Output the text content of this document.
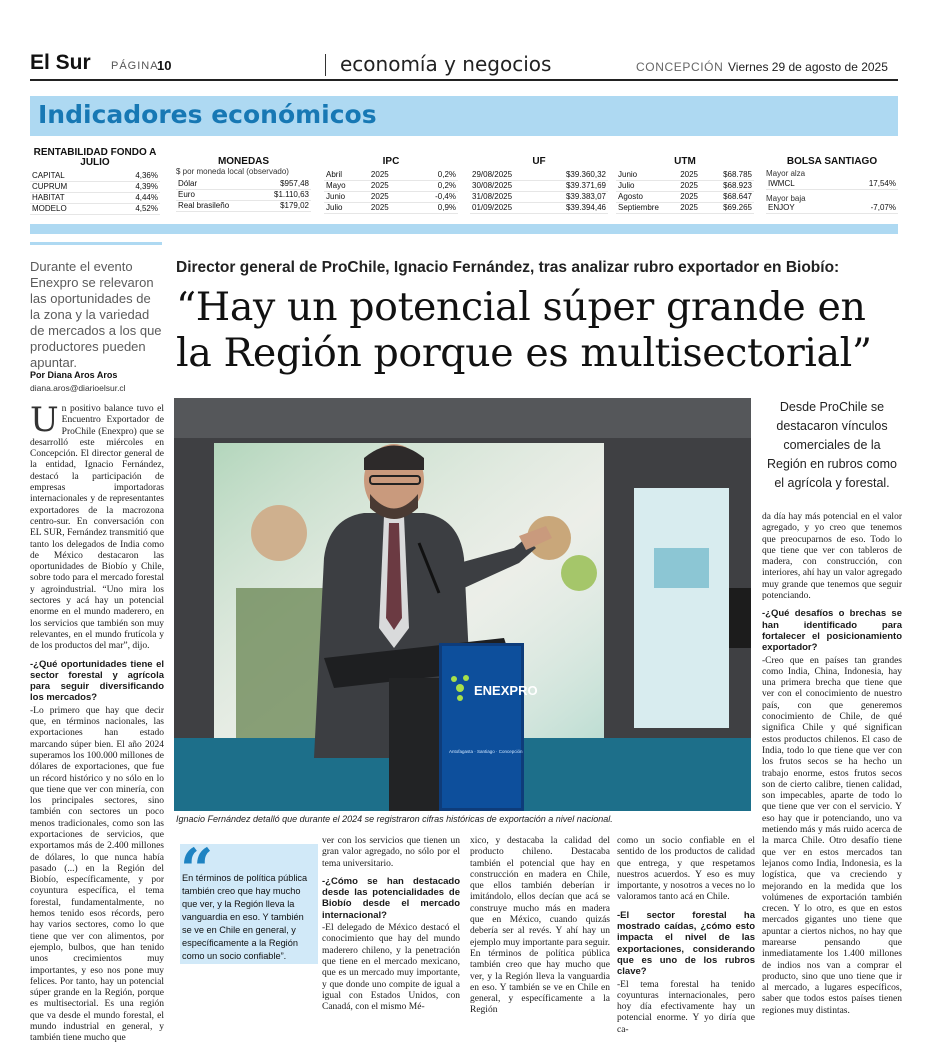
El Sur PÁGINA
10	economía y negocios	CONCEPCIÓN Viernes 29 de agosto de 2025
Indicadores económicos
RENTABILIDAD FONDO A JULIO
CAPITAL	4,36%
CUPRUM	4,39%
HABITAT	4,44%
MODELO	4,52%
MONEDAS
$ por moneda local (observado)
Dólar	$957,48
Euro	$1.110,63
Real brasileño	$179,02
IPC
Abril	2025	0,2%
Mayo	2025	0,2%
Junio	2025	-0,4%
Julio	2025	0,9%
UF
29/08/2025	$39.360,32
30/08/2025	$39.371,69
31/08/2025	$39.383,07
01/09/2025	$39.394,46
UTM
Junio	2025	$68.785
Julio	2025	$68.923
Agosto	2025	$68.647
Septiembre	2025	$69.265
BOLSA SANTIAGO
Mayor alza
IWMCL	17,54%
Mayor baja
ENJOY	-7,07%
Durante el evento Enexpro se relevaron las oportunidades de la zona y la variedad de mercados a los que productores pueden apuntar.
Por Diana Aros Aros
diana.aros@diarioelsur.cl
Director general de ProChile, Ignacio Fernández, tras analizar rubro exportador en Biobío:
“Hay un potencial súper grande en la Región porque es multisectorial”
ENEXPRO
Antofagasta · Santiago · Concepción
Ignacio Fernández detalló que durante el 2024 se registraron cifras históricas de exportación a nivel nacional.
Desde ProChile se destacaron vínculos comerciales de la Región en rubros como el agrícola y forestal.
U n positivo balance tuvo el Encuentro Exportador de ProChile (Enexpro) que se desarrolló este miércoles en Concepción. El director general de la entidad, Ignacio Fernández, destacó la participación de empresas importadoras internacionales y de representantes exportadores de la macrozona centro-sur. En conversación con EL SUR, Fernández transmitió que tanto los delegados de India como de México destacaron las oportunidades de Biobío y Chile, sobre todo para el mercado forestal y agroindustrial. “Uno mira los sectores y acá hay un potencial enorme en el mundo maderero, en los servicios que también son muy relevantes, en el mundo frutícola y de los productos del mar”, dijo.

-¿Qué oportunidades tiene el sector forestal y agrícola para seguir diversificando los mercados?

-Lo primero que hay que decir que, en términos nacionales, las exportaciones han estado marcando súper bien. El año 2024 superamos los 100.000 millones de dólares de exportaciones, que fue un récord histórico y no sólo en lo que tiene que ver con minería, con los principales sectores, sino también con sectores un poco menos tradicionales, como son las exportaciones de servicios, que exportamos más de 2.400 millones de dólares, lo que nunca había pasado (...) en la Región del Biobío, específicamente, y por coyuntura específica, el tema forestal, fundamentalmente, no hemos tenido esos récords, pero hay varios sectores, como lo que tiene que ver con alimentos, por ejemplo, bulbos, que han tenido unos crecimientos muy importantes, y eso nos pone muy felices. Por tanto, hay un potencial súper grande en la Región, porque es multisectorial. Es una región que va desde el mundo forestal, el mundo industrial en general, y también tiene mucho que

“
En términos de política pública también creo que hay mucho que ver, y la Región lleva la vanguardia en eso. Y también se ve en Chile en general, y específicamente a la Región como un socio confiable”.

ver con los servicios que tienen un gran valor agregado, no sólo por el tema universitario.

-¿Cómo se han destacado desde las potencialidades de Biobío desde el mercado internacional?

-El delegado de México destacó el conocimiento que hay del mundo maderero chileno, y la penetración que tiene en el mercado mexicano, que es un mercado muy importante, y que donde uno compite de igual a igual con Estados Unidos, con Canadá, con el mismo Mé-

xico, y destacaba la calidad del producto chileno. Destacaba también el potencial que hay en construcción en madera en Chile, que ellos también deberían ir imitándolo, ellos decían que acá se construye mucho más en madera que en México, cuando quizás debería ser al revés. Y ahí hay un ejemplo muy importante para seguir. En términos de política pública también creo que hay mucho que ver, y la Región lleva la vanguardia en eso. Y también se ve en Chile en general, y específicamente a la Región

como un socio confiable en el sentido de los productos de calidad que entrega, y que respetamos nuestros acuerdos. Y eso es muy importante, y nosotros a veces no lo valoramos tanto acá en Chile.

-El sector forestal ha mostrado caídas, ¿cómo esto impacta el nivel de las exportaciones, considerando que es uno de los rubros clave?

-El tema forestal ha tenido coyunturas internacionales, pero hoy día efectivamente hay un potencial enorme. Y yo diría que ca-

da día hay más potencial en el valor agregado, y yo creo que tenemos que preocuparnos de eso. Todo lo que tiene que ver con tableros de madera, con construcción, con interiores, ahí hay un valor agregado muy grande que tenemos que seguir potenciando.

-¿Qué desafíos o brechas se han identificado para fortalecer el posicionamiento exportador?

-Creo que en países tan grandes como India, China, Indonesia, hay una primera brecha que tiene que ver con el conocimiento de nuestro país, con que generemos conocimiento de Chile, de qué significa Chile y qué significan estos productos chilenos. El caso de India, todo lo que tiene que ver con los frutos secos se ha hecho un trabajo enorme, estos frutos secos son de cierto calibre, tienen calidad, son impecables, aparte de todo lo que tiene que ver con el servicio. Y eso hay que ir potenciando, uno va metiendo más y más ruido acerca de la marca Chile. Otro desafío tiene que ver en estos mercados tan lejanos como India, Indonesia, es la logística, que va creciendo y mejorando en la medida que los volúmenes de exportación también crecen. Y lo otro, es que en estos mercados gigantes uno tiene que apuntar a ciertos nichos, no hay que marearse pensando que inmediatamente los 1.400 millones de indios nos van a comprar el producto, sino que uno tiene que ir al mercado, a lugares específicos, saber que todos estos países tienen regiones muy distintas.
